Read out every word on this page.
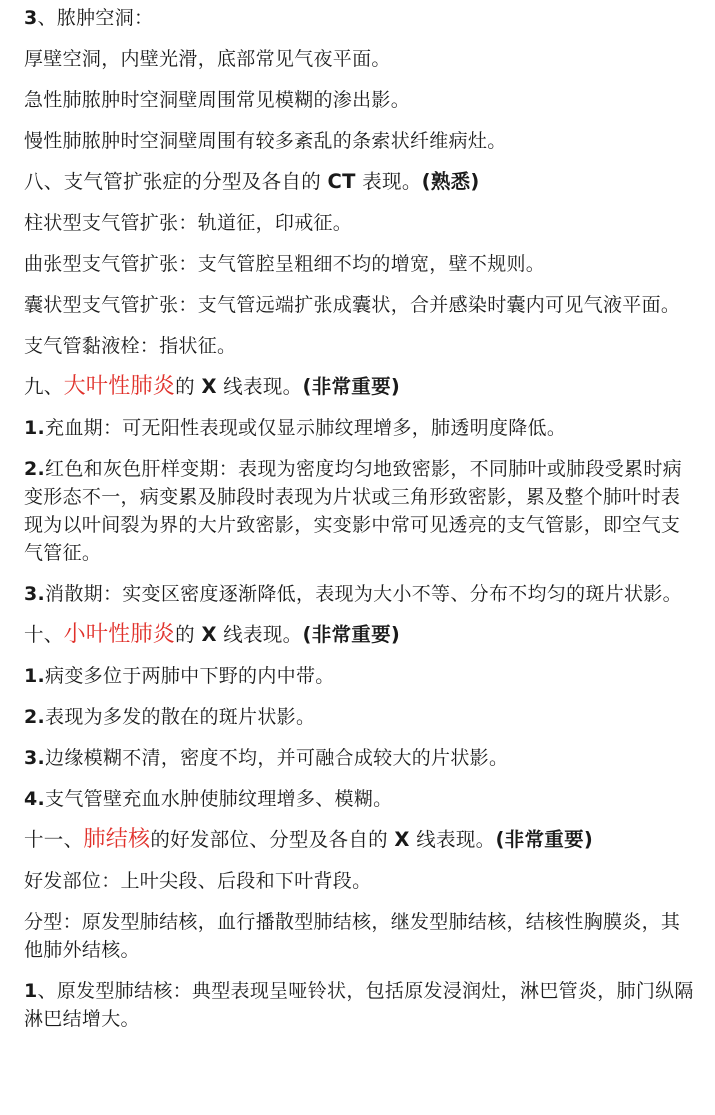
3、脓肿空洞：

厚壁空洞，内壁光滑，底部常见气夜平面。

急性肺脓肿时空洞壁周围常见模糊的渗出影。

慢性肺脓肿时空洞壁周围有较多紊乱的条索状纤维病灶。

八、支气管扩张症的分型及各自的 CT 表现。(熟悉)

柱状型支气管扩张：轨道征，印戒征。

曲张型支气管扩张：支气管腔呈粗细不均的增宽，壁不规则。

囊状型支气管扩张：支气管远端扩张成囊状，合并感染时囊内可见气液平面。

支气管黏液栓：指状征。

九、大叶性肺炎的 X 线表现。(非常重要)

1.充血期：可无阳性表现或仅显示肺纹理增多，肺透明度降低。

2.红色和灰色肝样变期：表现为密度均匀地致密影，不同肺叶或肺段受累时病变形态不一，病变累及肺段时表现为片状或三角形致密影，累及整个肺叶时表现为以叶间裂为界的大片致密影，实变影中常可见透亮的支气管影，即空气支气管征。

3.消散期：实变区密度逐渐降低，表现为大小不等、分布不均匀的斑片状影。

十、小叶性肺炎的 X 线表现。(非常重要)

1.病变多位于两肺中下野的内中带。

2.表现为多发的散在的斑片状影。

3.边缘模糊不清，密度不均，并可融合成较大的片状影。

4.支气管壁充血水肿使肺纹理增多、模糊。

十一、肺结核的好发部位、分型及各自的 X 线表现。(非常重要)

好发部位：上叶尖段、后段和下叶背段。

分型：原发型肺结核，血行播散型肺结核，继发型肺结核，结核性胸膜炎，其他肺外结核。

1、原发型肺结核：典型表现呈哑铃状，包括原发浸润灶，淋巴管炎，肺门纵隔淋巴结增大。
